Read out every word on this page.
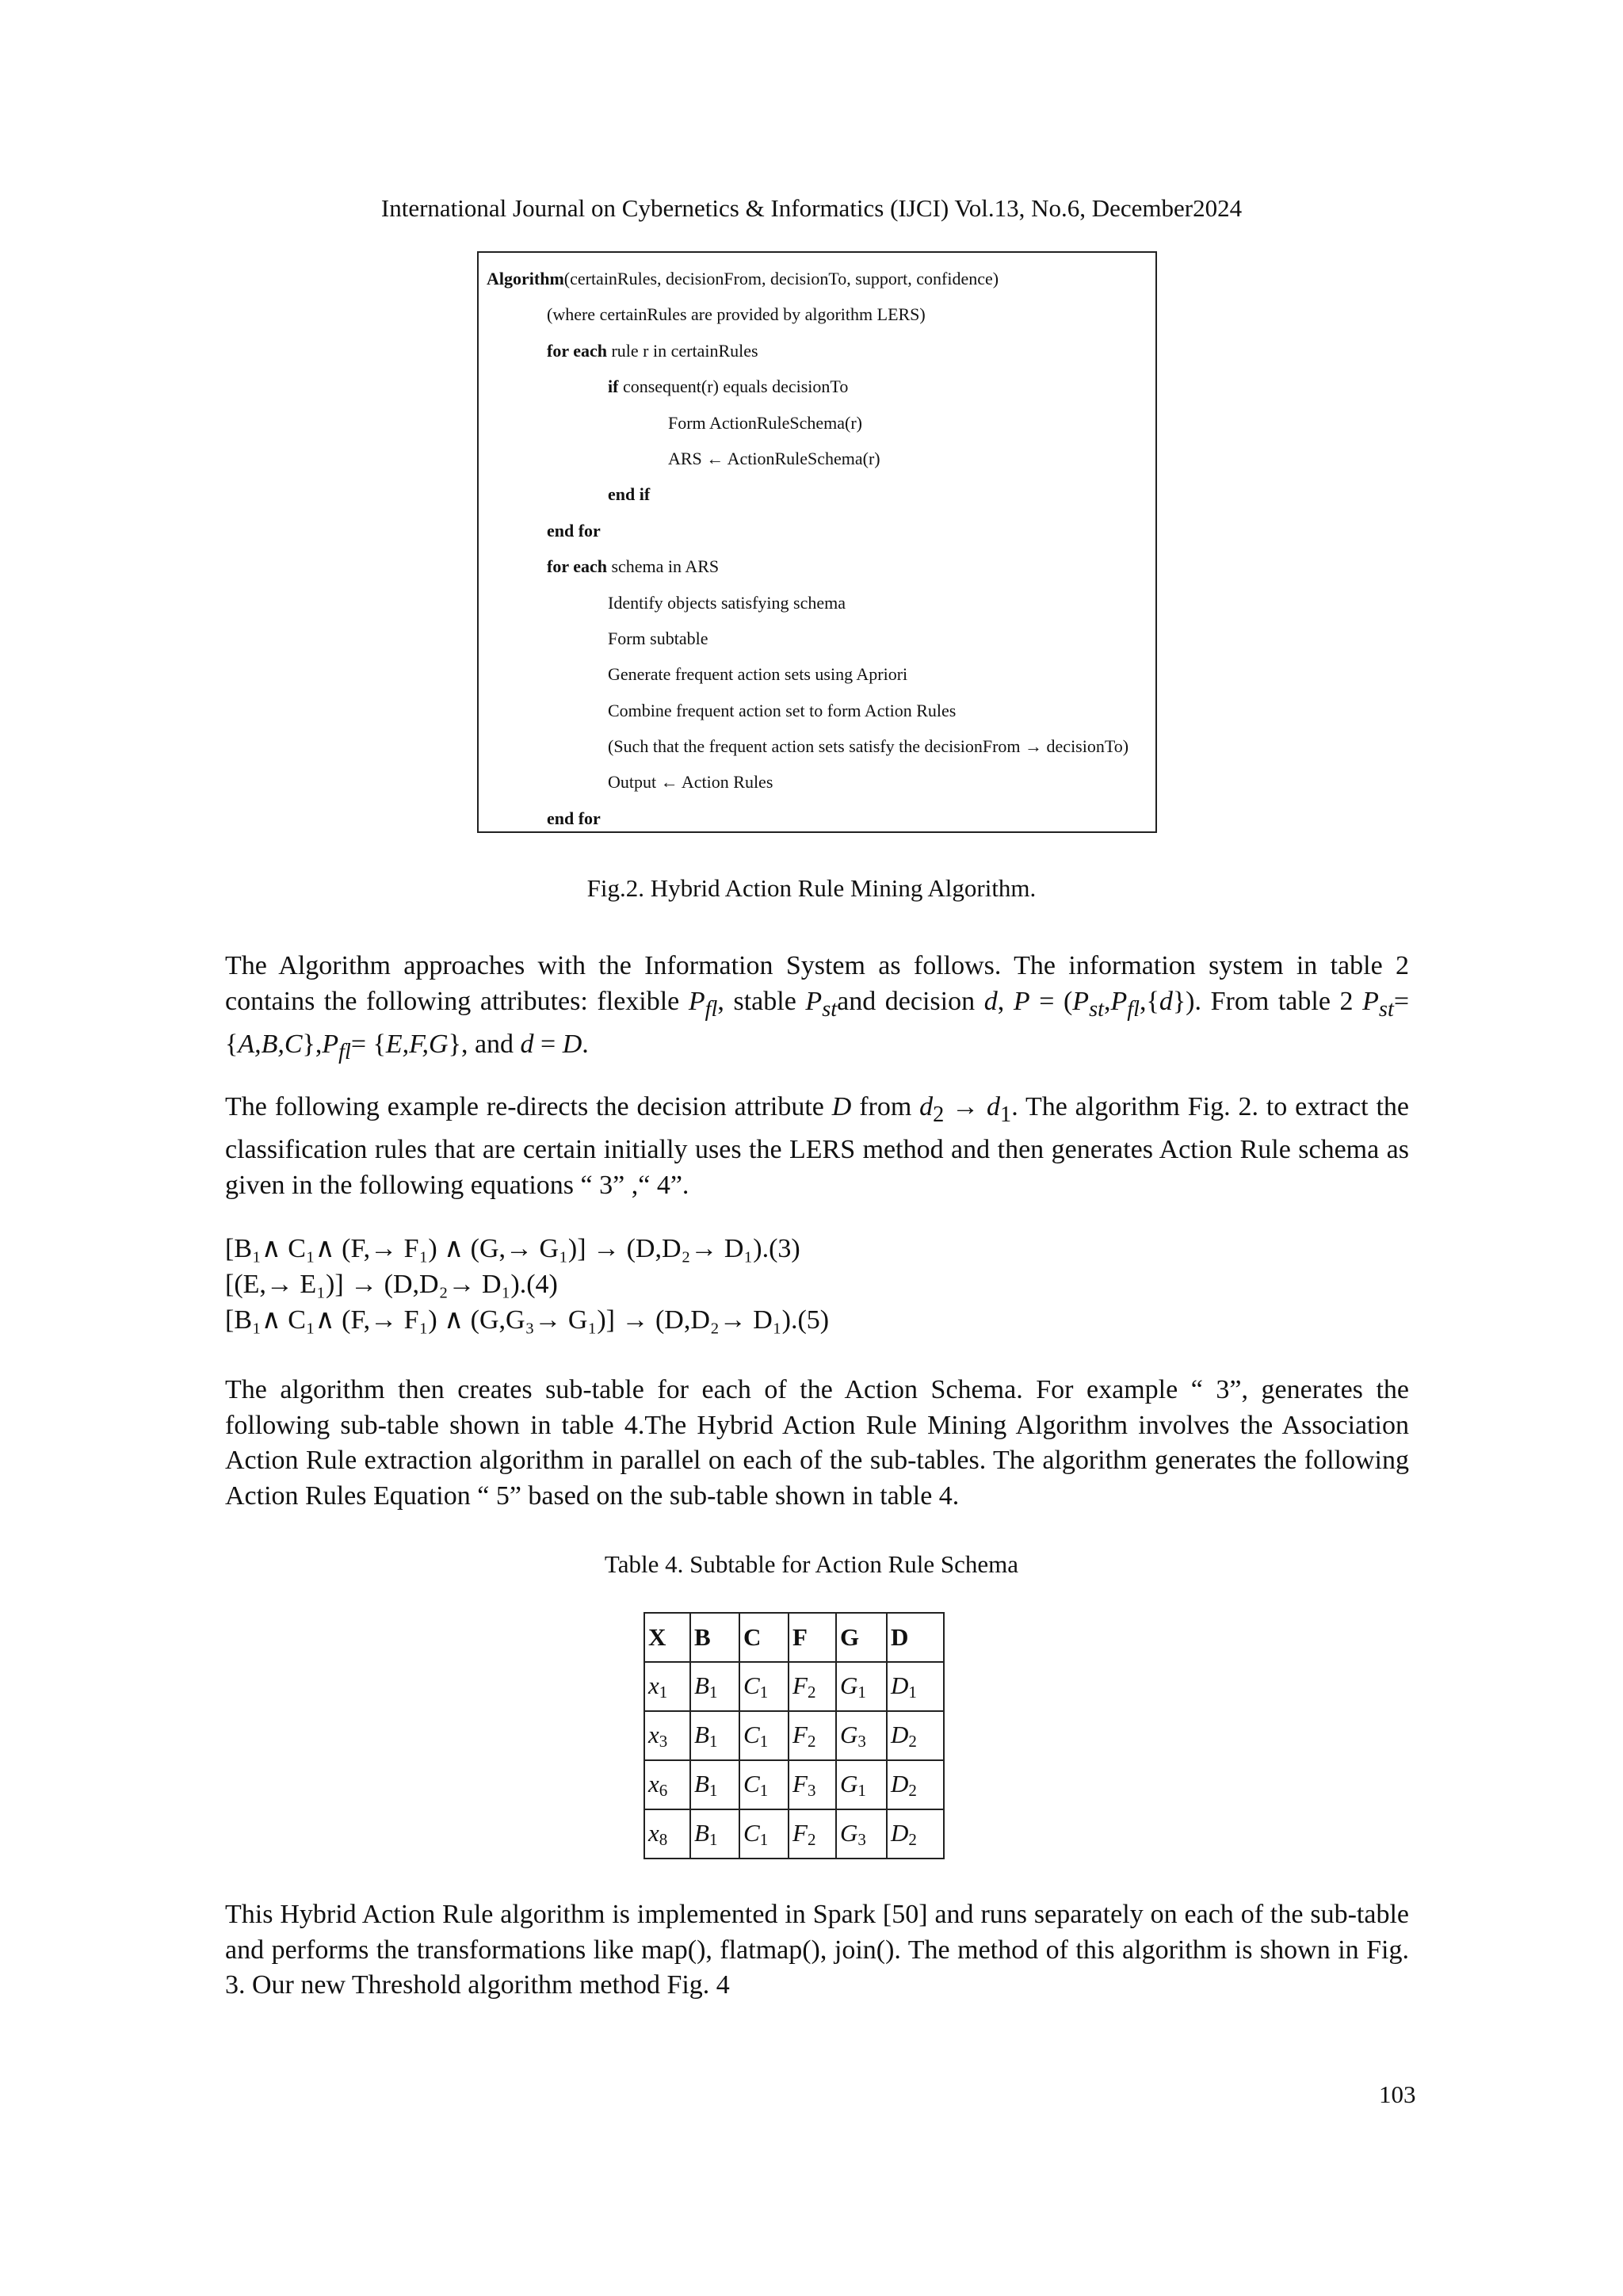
International Journal on Cybernetics & Informatics (IJCI) Vol.13, No.6, December2024
Algorithm(certainRules, decisionFrom, decisionTo, support, confidence)
(where certainRules are provided by algorithm LERS)
for each rule r in certainRules
if consequent(r) equals decisionTo
Form ActionRuleSchema(r)
ARS ← ActionRuleSchema(r)
end if
end for
for each schema in ARS
Identify objects satisfying schema
Form subtable
Generate frequent action sets using Apriori
Combine frequent action set to form Action Rules
(Such that the frequent action sets satisfy the decisionFrom → decisionTo)
Output ← Action Rules
end for
Fig.2. Hybrid Action Rule Mining Algorithm.

The Algorithm approaches with the Information System as follows. The information system in table 2 contains the following attributes: flexible $P_{fl}$, stable $P_{st}and$ decision d, $P = (P_{st},P_{fl},\{d\})$. From table 2 $P_{st}= \{A,B,C\},P_{fl}= \{E,F,G\}$, and d = D.

The following example re-directs the decision attribute D from $d_2 \to d_1$. The algorithm Fig. 2. to extract the classification rules that are certain initially uses the LERS method and then generates Action Rule schema as given in the following equations “ 3” ,“ 4”.

[B₁∧ C₁∧ (F,→ F₁) ∧ (G,→ G₁)] → (D,D₂→ D₁).(3)
[(E,→ E₁)] → (D,D₂→ D₁).(4)
[B₁∧ C₁∧ (F,→ F₁) ∧ (G,G₃→ G₁)] → (D,D₂→ D₁).(5)

The algorithm then creates sub-table for each of the Action Schema. For example “ 3”, generates the following sub-table shown in table 4.The Hybrid Action Rule Mining Algorithm involves the Association Action Rule extraction algorithm in parallel on each of the sub-tables. The algorithm generates the following Action Rules Equation “ 5” based on the sub-table shown in table 4.

Table 4. Subtable for Action Rule Schema
X	B	C	F	G	D
$x_1$	$B_1$	$C_1$	$F_2$	$G_1$	$D_1$
$x_3$	$B_1$	$C_1$	$F_2$	$G_3$	$D_2$
$x_6$	$B_1$	$C_1$	$F_3$	$G_1$	$D_2$
$x_8$	$B_1$	$C_1$	$F_2$	$G_3$	$D_2$

This Hybrid Action Rule algorithm is implemented in Spark [50] and runs separately on each of the sub-table and performs the transformations like map(), flatmap(), join(). The method of this algorithm is shown in Fig. 3. Our new Threshold algorithm method Fig. 4

103
